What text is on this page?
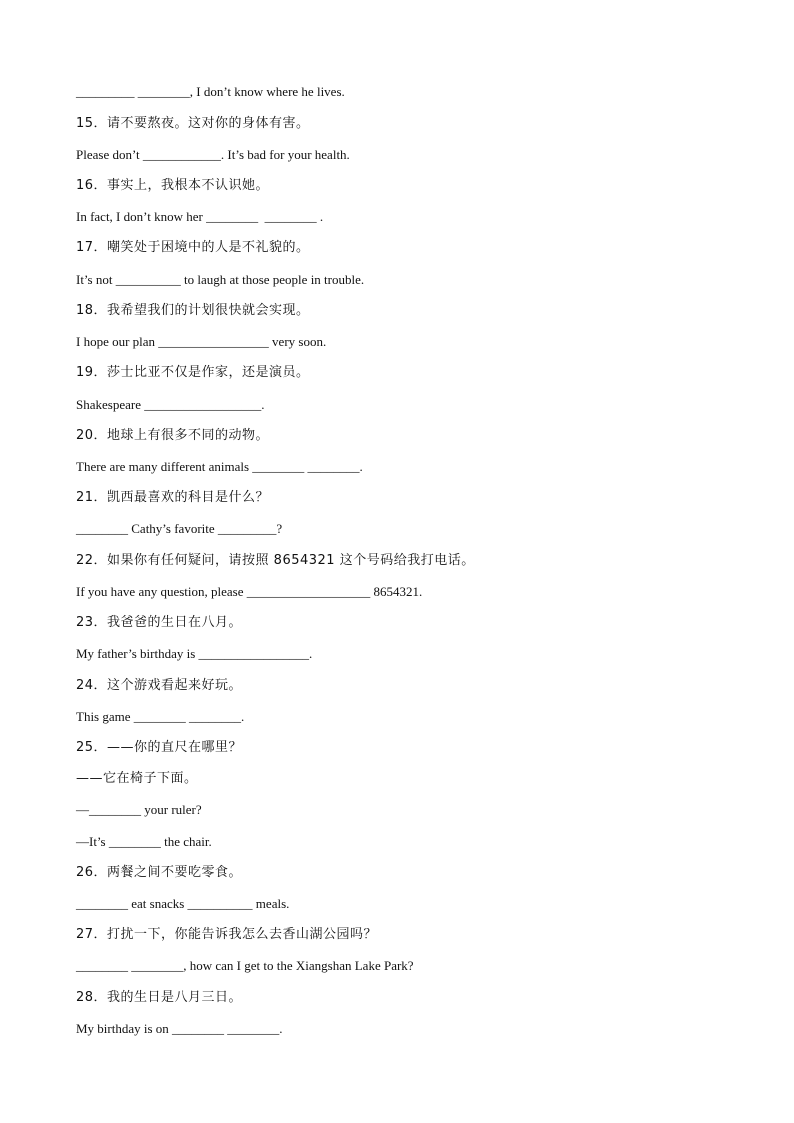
_________ ________, I don’t know where he lives.
15．请不要熬夜。这对你的身体有害。
Please don’t ____________. It’s bad for your health.
16．事实上，我根本不认识她。
In fact, I don’t know her ________  ________ .
17．嘲笑处于困境中的人是不礼貌的。
It’s not __________ to laugh at those people in trouble.
18．我希望我们的计划很快就会实现。
I hope our plan _________________ very soon.
19．莎士比亚不仅是作家，还是演员。
Shakespeare __________________.
20．地球上有很多不同的动物。
There are many different animals ________ ________.
21．凯西最喜欢的科目是什么？
________ Cathy’s favorite _________?
22．如果你有任何疑问，请按照 8654321 这个号码给我打电话。
If you have any question, please ___________________ 8654321.
23．我爸爸的生日在八月。
My father’s birthday is _________________.
24．这个游戏看起来好玩。
This game ________ ________.
25．——你的直尺在哪里？
——它在椅子下面。
—________ your ruler?
—It’s ________ the chair.
26．两餐之间不要吃零食。
________ eat snacks __________ meals.
27．打扰一下，你能告诉我怎么去香山湖公园吗？
________ ________, how can I get to the Xiangshan Lake Park?
28．我的生日是八月三日。
My birthday is on ________ ________.
